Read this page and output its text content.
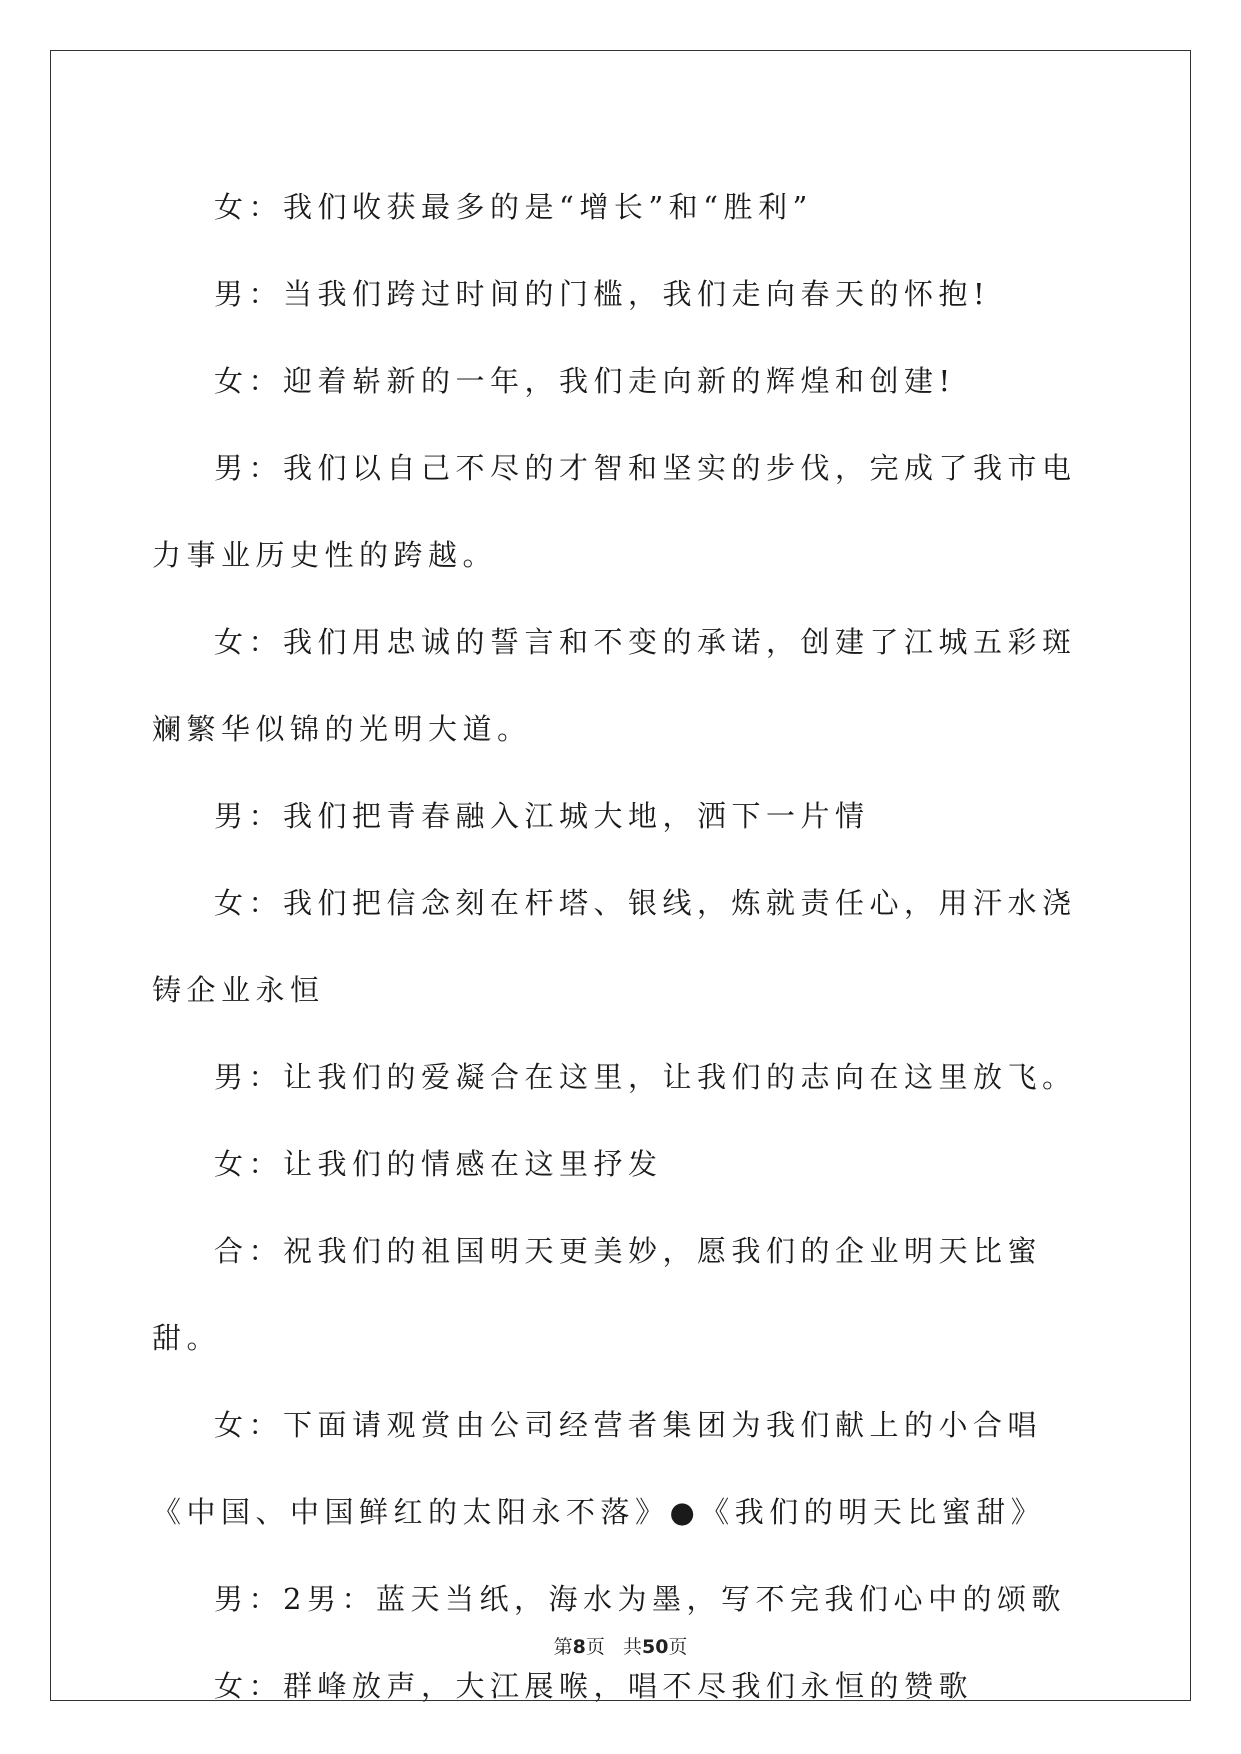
女：我们收获最多的是“增长”和“胜利”

男：当我们跨过时间的门槛，我们走向春天的怀抱!

女：迎着崭新的一年，我们走向新的辉煌和创建!

男：我们以自己不尽的才智和坚实的步伐，完成了我市电力事业历史性的跨越。

女：我们用忠诚的誓言和不变的承诺，创建了江城五彩斑斓繁华似锦的光明大道。

男：我们把青春融入江城大地，洒下一片情

女：我们把信念刻在杆塔、银线，炼就责任心，用汗水浇铸企业永恒

男：让我们的爱凝合在这里，让我们的志向在这里放飞。

女：让我们的情感在这里抒发

合：祝我们的祖国明天更美妙，愿我们的企业明天比蜜甜。

女：下面请观赏由公司经营者集团为我们献上的小合唱《中国、中国鲜红的太阳永不落》●《我们的明天比蜜甜》

男：2男：蓝天当纸，海水为墨，写不完我们心中的颂歌

女：群峰放声，大江展喉，唱不尽我们永恒的赞歌

第8页 共50页
